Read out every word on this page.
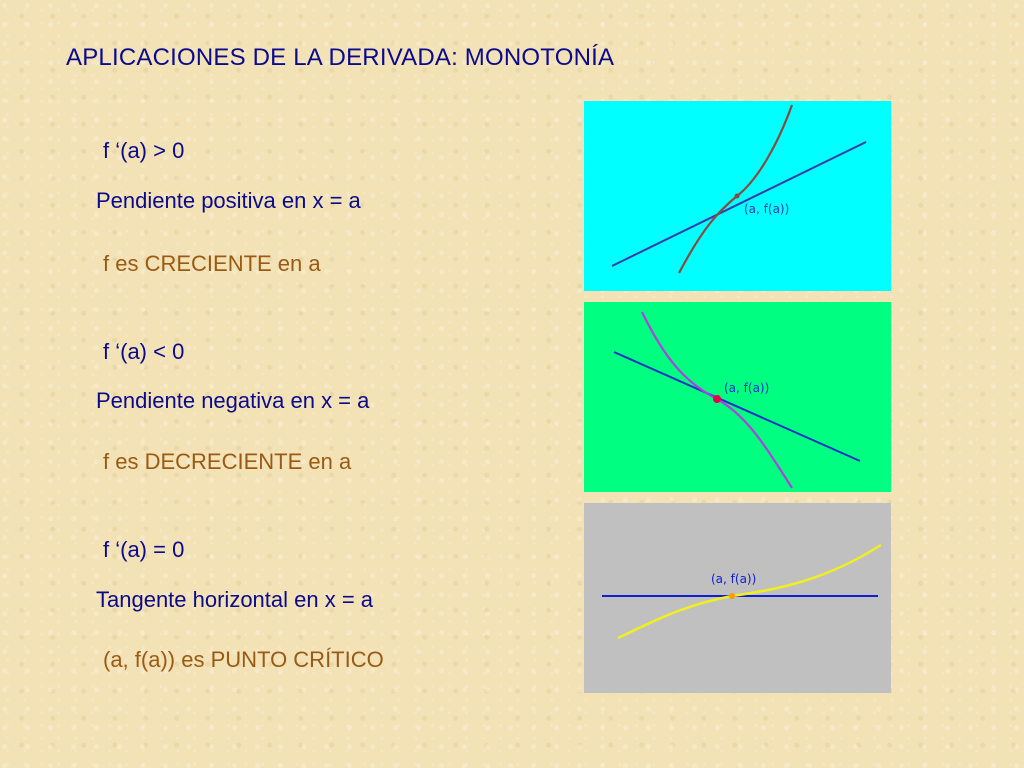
APLICACIONES DE LA DERIVADA: MONOTONÍA
f ‘(a) > 0
Pendiente positiva en x = a
f es CRECIENTE en a
(a, f(a))
f ‘(a) < 0
Pendiente negativa en x = a
f es DECRECIENTE en a
(a, f(a))
f ‘(a) = 0
Tangente horizontal en x = a
(a, f(a)) es PUNTO CRÍTICO
(a, f(a))
